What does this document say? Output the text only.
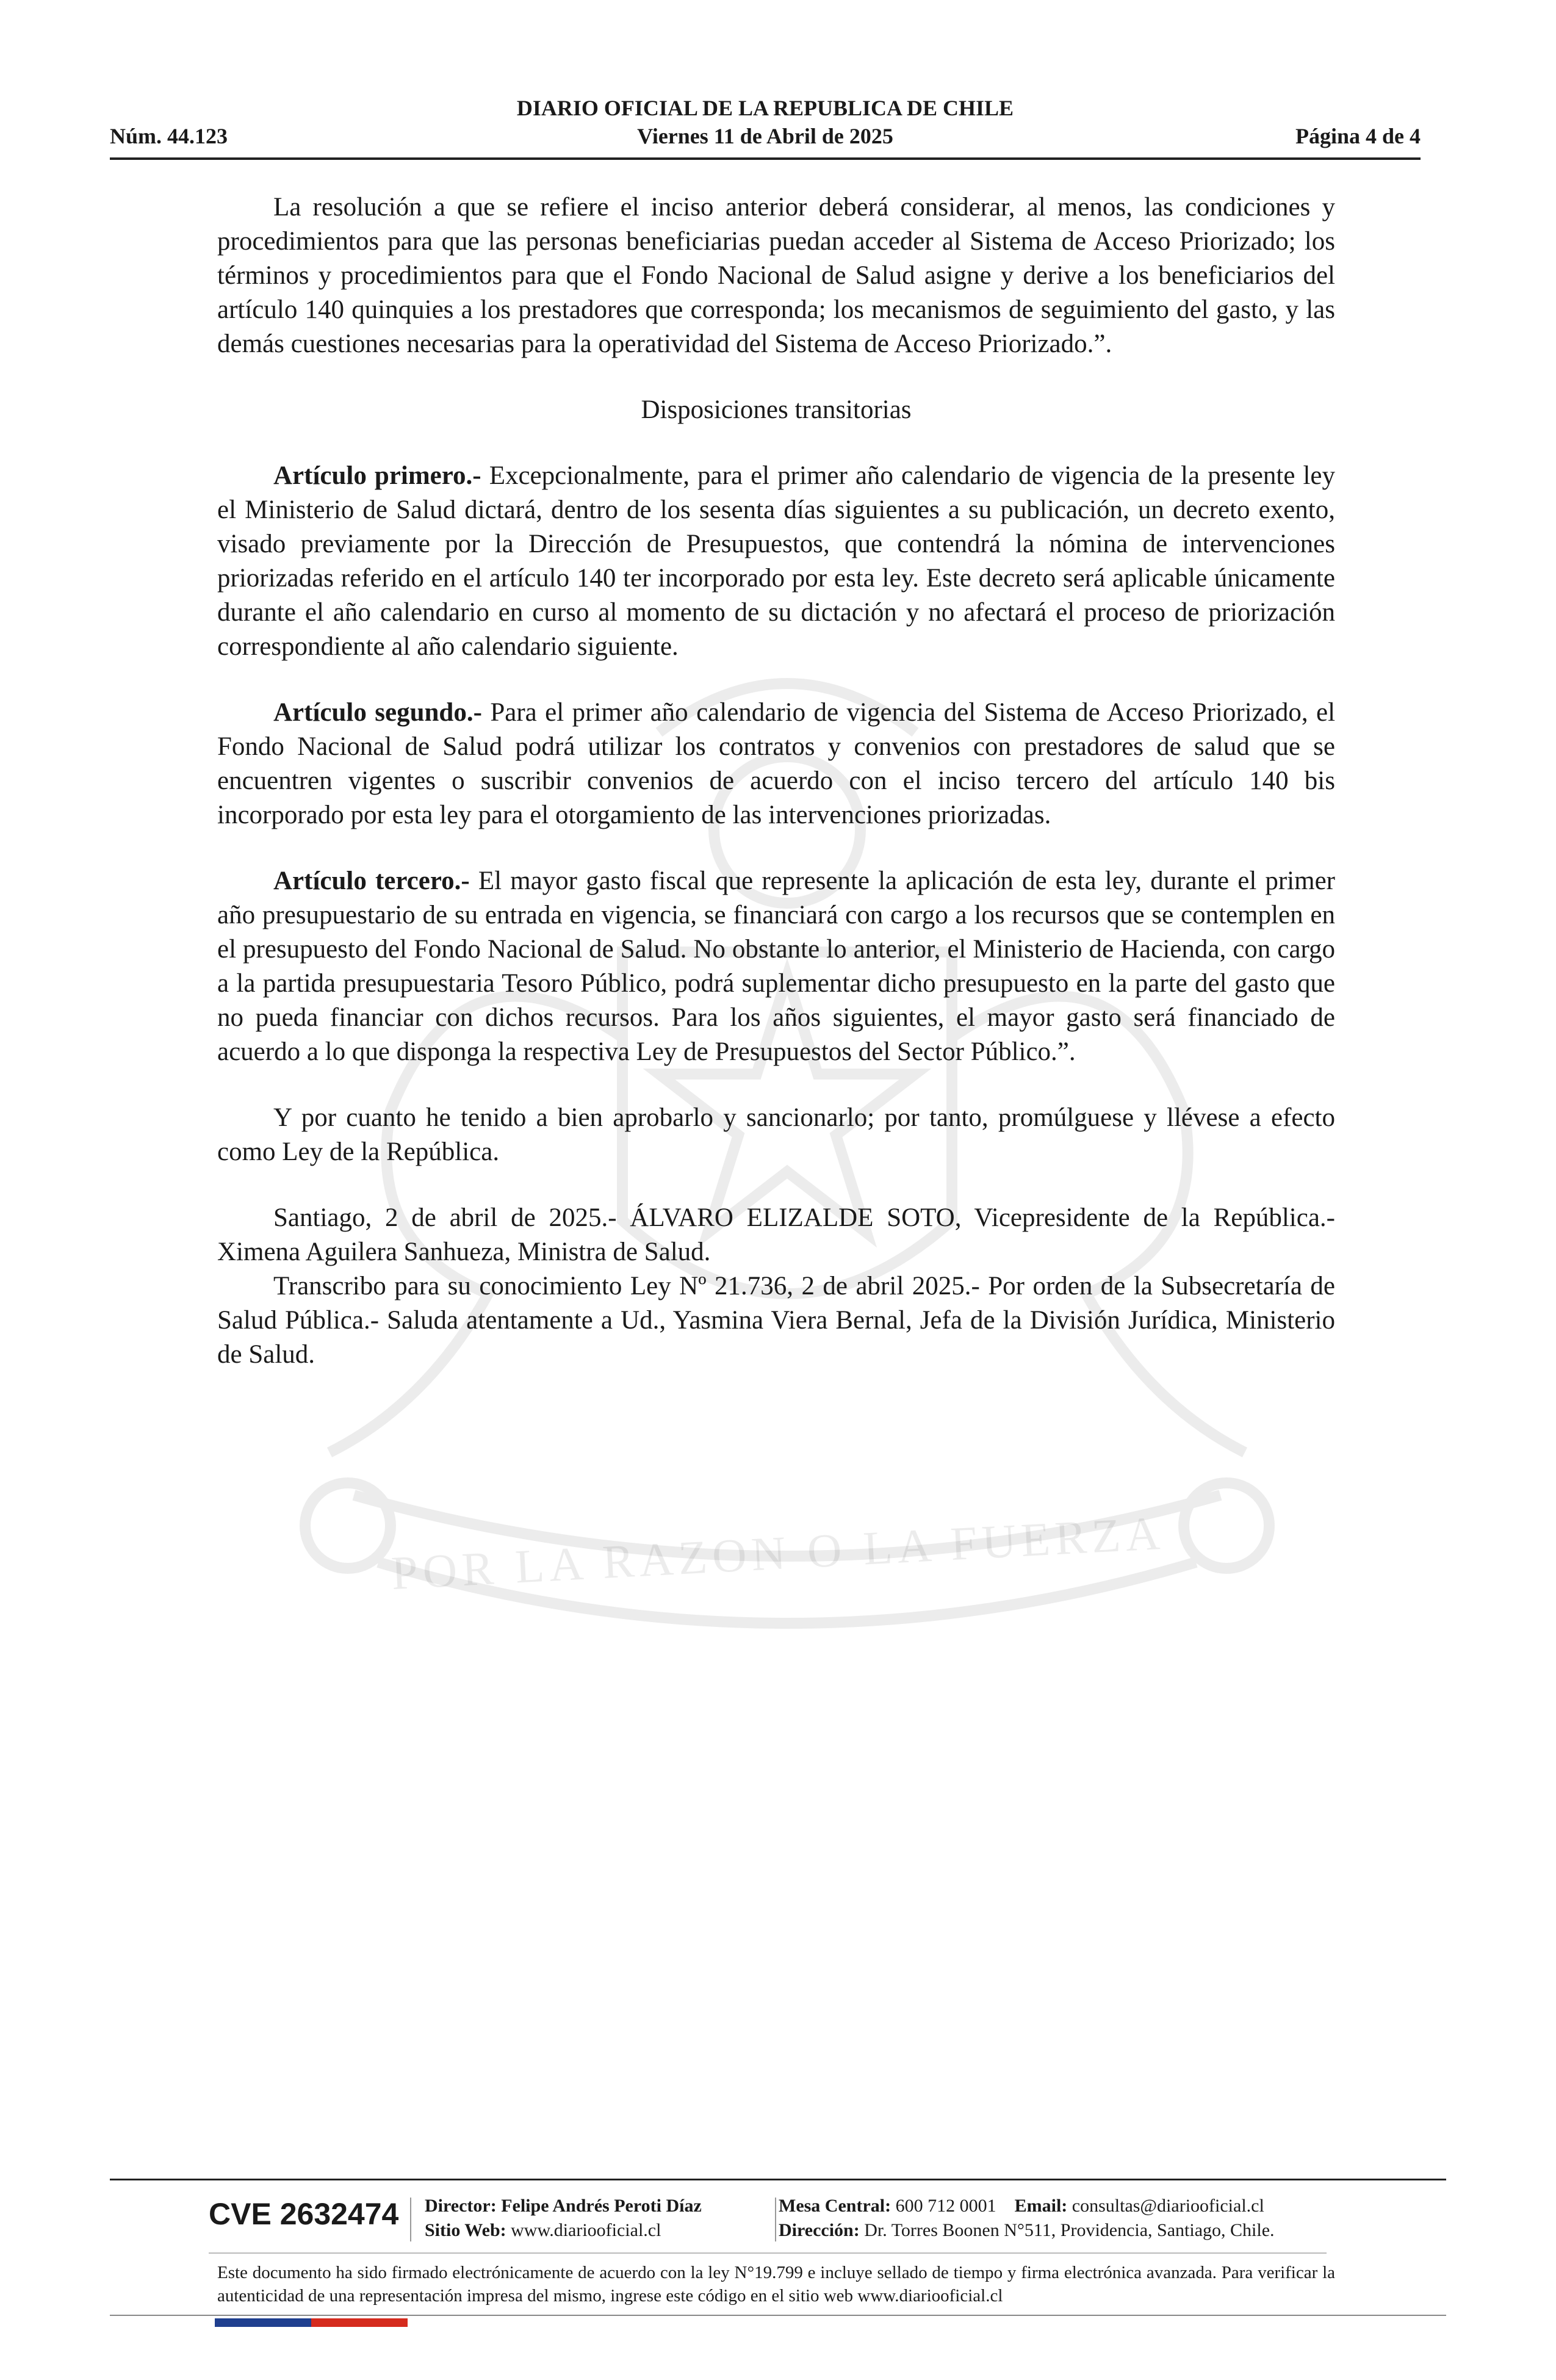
DIARIO OFICIAL DE LA REPUBLICA DE CHILE
Núm. 44.123	Viernes 11 de Abril de 2025	Página 4 de 4
POR LA RAZON O LA FUERZA

La resolución a que se refiere el inciso anterior deberá considerar, al menos, las condiciones y procedimientos para que las personas beneficiarias puedan acceder al Sistema de Acceso Priorizado; los términos y procedimientos para que el Fondo Nacional de Salud asigne y derive a los beneficiarios del artículo 140 quinquies a los prestadores que corresponda; los mecanismos de seguimiento del gasto, y las demás cuestiones necesarias para la operatividad del Sistema de Acceso Priorizado.”.

Disposiciones transitorias

Artículo primero.- Excepcionalmente, para el primer año calendario de vigencia de la presente ley el Ministerio de Salud dictará, dentro de los sesenta días siguientes a su publicación, un decreto exento, visado previamente por la Dirección de Presupuestos, que contendrá la nómina de intervenciones priorizadas referido en el artículo 140 ter incorporado por esta ley. Este decreto será aplicable únicamente durante el año calendario en curso al momento de su dictación y no afectará el proceso de priorización correspondiente al año calendario siguiente.

Artículo segundo.- Para el primer año calendario de vigencia del Sistema de Acceso Priorizado, el Fondo Nacional de Salud podrá utilizar los contratos y convenios con prestadores de salud que se encuentren vigentes o suscribir convenios de acuerdo con el inciso tercero del artículo 140 bis incorporado por esta ley para el otorgamiento de las intervenciones priorizadas.

Artículo tercero.- El mayor gasto fiscal que represente la aplicación de esta ley, durante el primer año presupuestario de su entrada en vigencia, se financiará con cargo a los recursos que se contemplen en el presupuesto del Fondo Nacional de Salud. No obstante lo anterior, el Ministerio de Hacienda, con cargo a la partida presupuestaria Tesoro Público, podrá suplementar dicho presupuesto en la parte del gasto que no pueda financiar con dichos recursos. Para los años siguientes, el mayor gasto será financiado de acuerdo a lo que disponga la respectiva Ley de Presupuestos del Sector Público.”.

Y por cuanto he tenido a bien aprobarlo y sancionarlo; por tanto, promúlguese y llévese a efecto como Ley de la República.

Santiago, 2 de abril de 2025.- ÁLVARO ELIZALDE SOTO, Vicepresidente de la República.- Ximena Aguilera Sanhueza, Ministra de Salud.

Transcribo para su conocimiento Ley Nº 21.736, 2 de abril 2025.- Por orden de la Subsecretaría de Salud Pública.- Saluda atentamente a Ud., Yasmina Viera Bernal, Jefa de la División Jurídica, Ministerio de Salud.

CVE 2632474 Director: Felipe Andrés Peroti Díaz
Sitio Web: www.diariooficial.cl
Mesa Central: 600 712 0001 Email: consultas@diariooficial.cl
Dirección: Dr. Torres Boonen N°511, Providencia, Santiago, Chile.
Este documento ha sido firmado electrónicamente de acuerdo con la ley N°19.799 e incluye sellado de tiempo y firma electrónica avanzada. Para verificar la autenticidad de una representación impresa del mismo, ingrese este código en el sitio web www.diariooficial.cl
